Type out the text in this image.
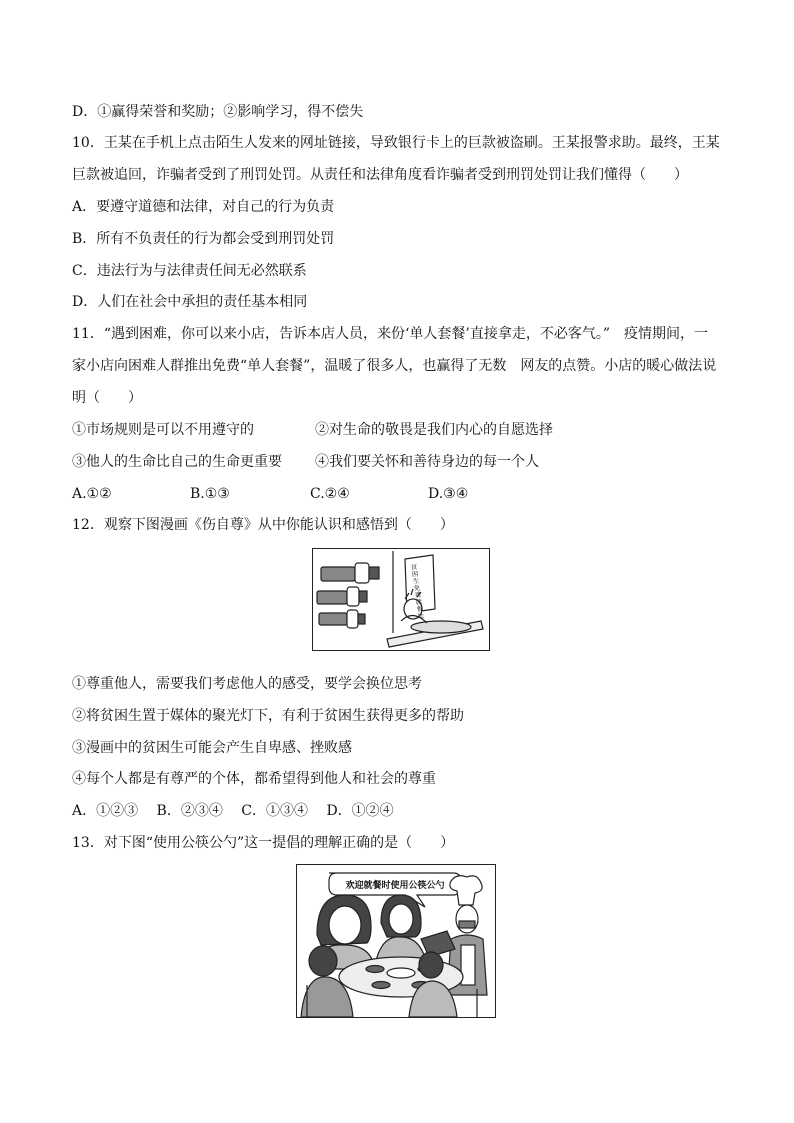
D．①赢得荣誉和奖励；②影响学习，得不偿失
10．王某在手机上点击陌生人发来的网址链接，导致银行卡上的巨款被盗刷。王某报警求助。最终，王某
巨款被追回，诈骗者受到了刑罚处罚。从责任和法律角度看诈骗者受到刑罚处罚让我们懂得（　　）
A．要遵守道德和法律，对自己的行为负责
B．所有不负责任的行为都会受到刑罚处罚
C．违法行为与法律责任间无必然联系
D．人们在社会中承担的责任基本相同
11．“遇到困难，你可以来小店，告诉本店人员，来份‘单人套餐’直接拿走，不必客气。”　疫情期间，一
家小店向困难人群推出免费“单人套餐”，温暖了很多人，也赢得了无数　网友的点赞。小店的暖心做法说
明（　　）
①市场规则是可以不用遵守的	②对生命的敬畏是我们内心的自愿选择
③他人的生命比自己的生命更重要 ④我们要关怀和善待身边的每一个人
A.①②	B.①③	C.②④	D.③④
12．观察下图漫画《伤自尊》从中你能认识和感悟到（　　）
贫困生免费就餐处
①尊重他人，需要我们考虑他人的感受，要学会换位思考
②将贫困生置于媒体的聚光灯下，有利于贫困生获得更多的帮助
③漫画中的贫困生可能会产生自卑感、挫败感
④每个人都是有尊严的个体，都希望得到他人和社会的尊重
A．①②③　 B．②③④　 C．①③④　 D．①②④
13．对下图“使用公筷公勺”这一提倡的理解正确的是（　　）
欢迎就餐时使用公筷公勺
